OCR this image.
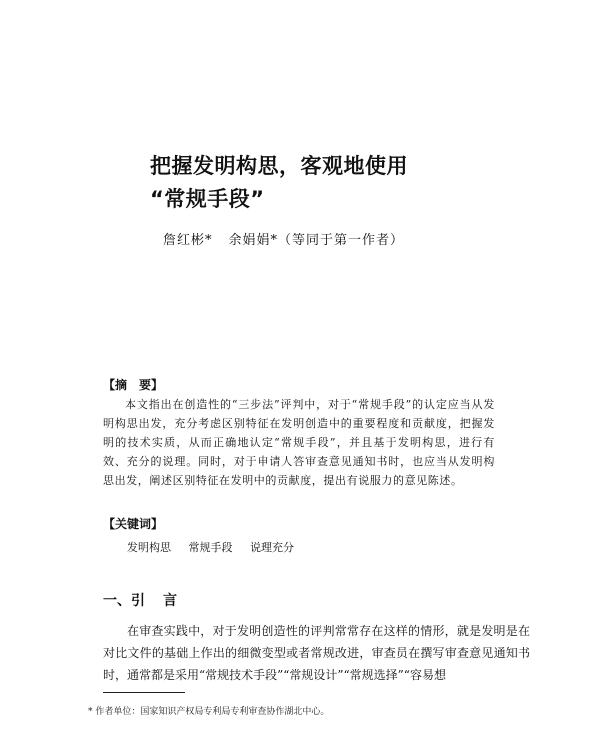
把握发明构思，客观地使用
“常规手段”
詹红彬* 余娟娟*（等同于第一作者）
【摘　要】
本文指出在创造性的“三步法”评判中，对于“常规手段”的认定应当从发明构思出发，充分考虑区别特征在发明创造中的重要程度和贡献度，把握发明的技术实质，从而正确地认定“常规手段”，并且基于发明构思，进行有效、充分的说理。同时，对于申请人答审查意见通知书时，也应当从发明构思出发，阐述区别特征在发明中的贡献度，提出有说服力的意见陈述。
【关键词】
发明构思 常规手段 说理充分
一、引 言
在审查实践中，对于发明创造性的评判常常存在这样的情形，就是发明是在对比文件的基础上作出的细微变型或者常规改进，审查员在撰写审查意见通知书时，通常都是采用“常规技术手段”“常规设计”“常规选择”“容易想
* 作者单位：国家知识产权局专利局专利审查协作湖北中心。
